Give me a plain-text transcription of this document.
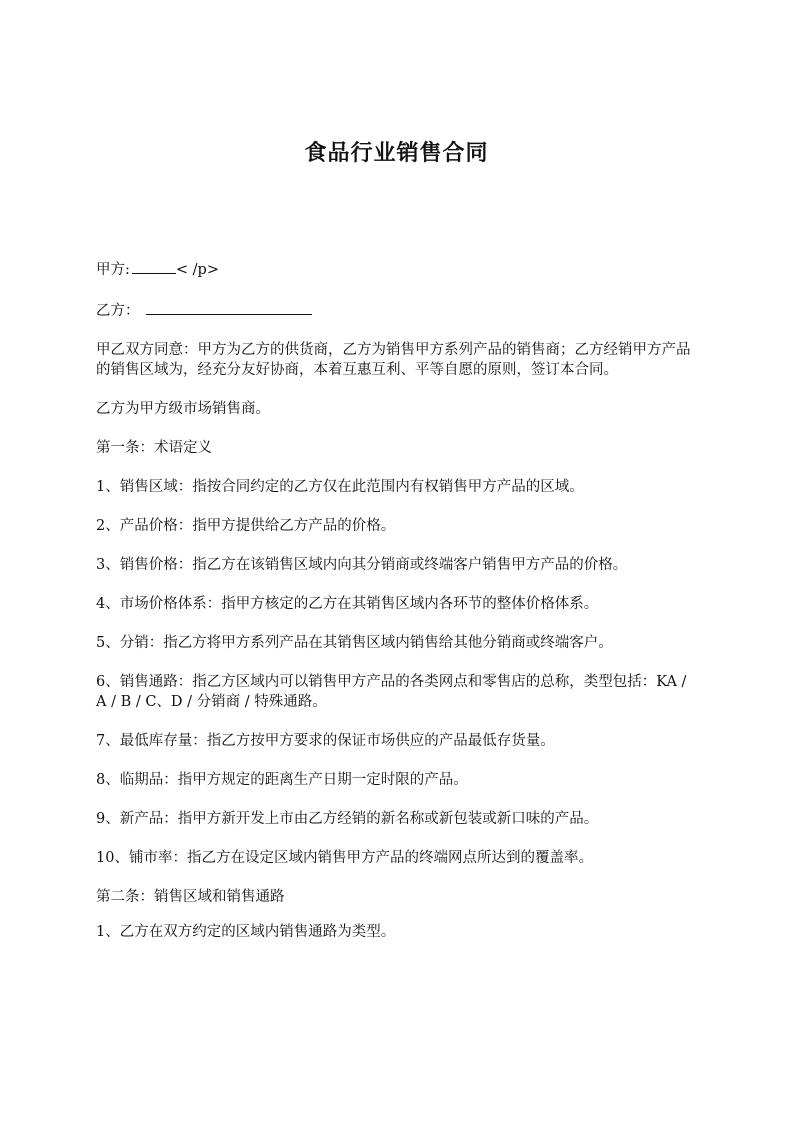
食品行业销售合同

甲方:	< /p>

乙方：

甲乙双方同意：甲方为乙方的供货商，乙方为销售甲方系列产品的销售商；乙方经销甲方产品的销售区域为，经充分友好协商，本着互惠互利、平等自愿的原则，签订本合同。

乙方为甲方级市场销售商。

第一条：术语定义

1、销售区域：指按合同约定的乙方仅在此范围内有权销售甲方产品的区域。

2、产品价格：指甲方提供给乙方产品的价格。

3、销售价格：指乙方在该销售区域内向其分销商或终端客户销售甲方产品的价格。

4、市场价格体系：指甲方核定的乙方在其销售区域内各环节的整体价格体系。

5、分销：指乙方将甲方系列产品在其销售区域内销售给其他分销商或终端客户。

6、销售通路：指乙方区域内可以销售甲方产品的各类网点和零售店的总称，类型包括：KA / A / B / C、D / 分销商 / 特殊通路。

7、最低库存量：指乙方按甲方要求的保证市场供应的产品最低存货量。

8、临期品：指甲方规定的距离生产日期一定时限的产品。

9、新产品：指甲方新开发上市由乙方经销的新名称或新包装或新口味的产品。

10、铺市率：指乙方在设定区域内销售甲方产品的终端网点所达到的覆盖率。

第二条：销售区域和销售通路

1、乙方在双方约定的区域内销售通路为类型。
